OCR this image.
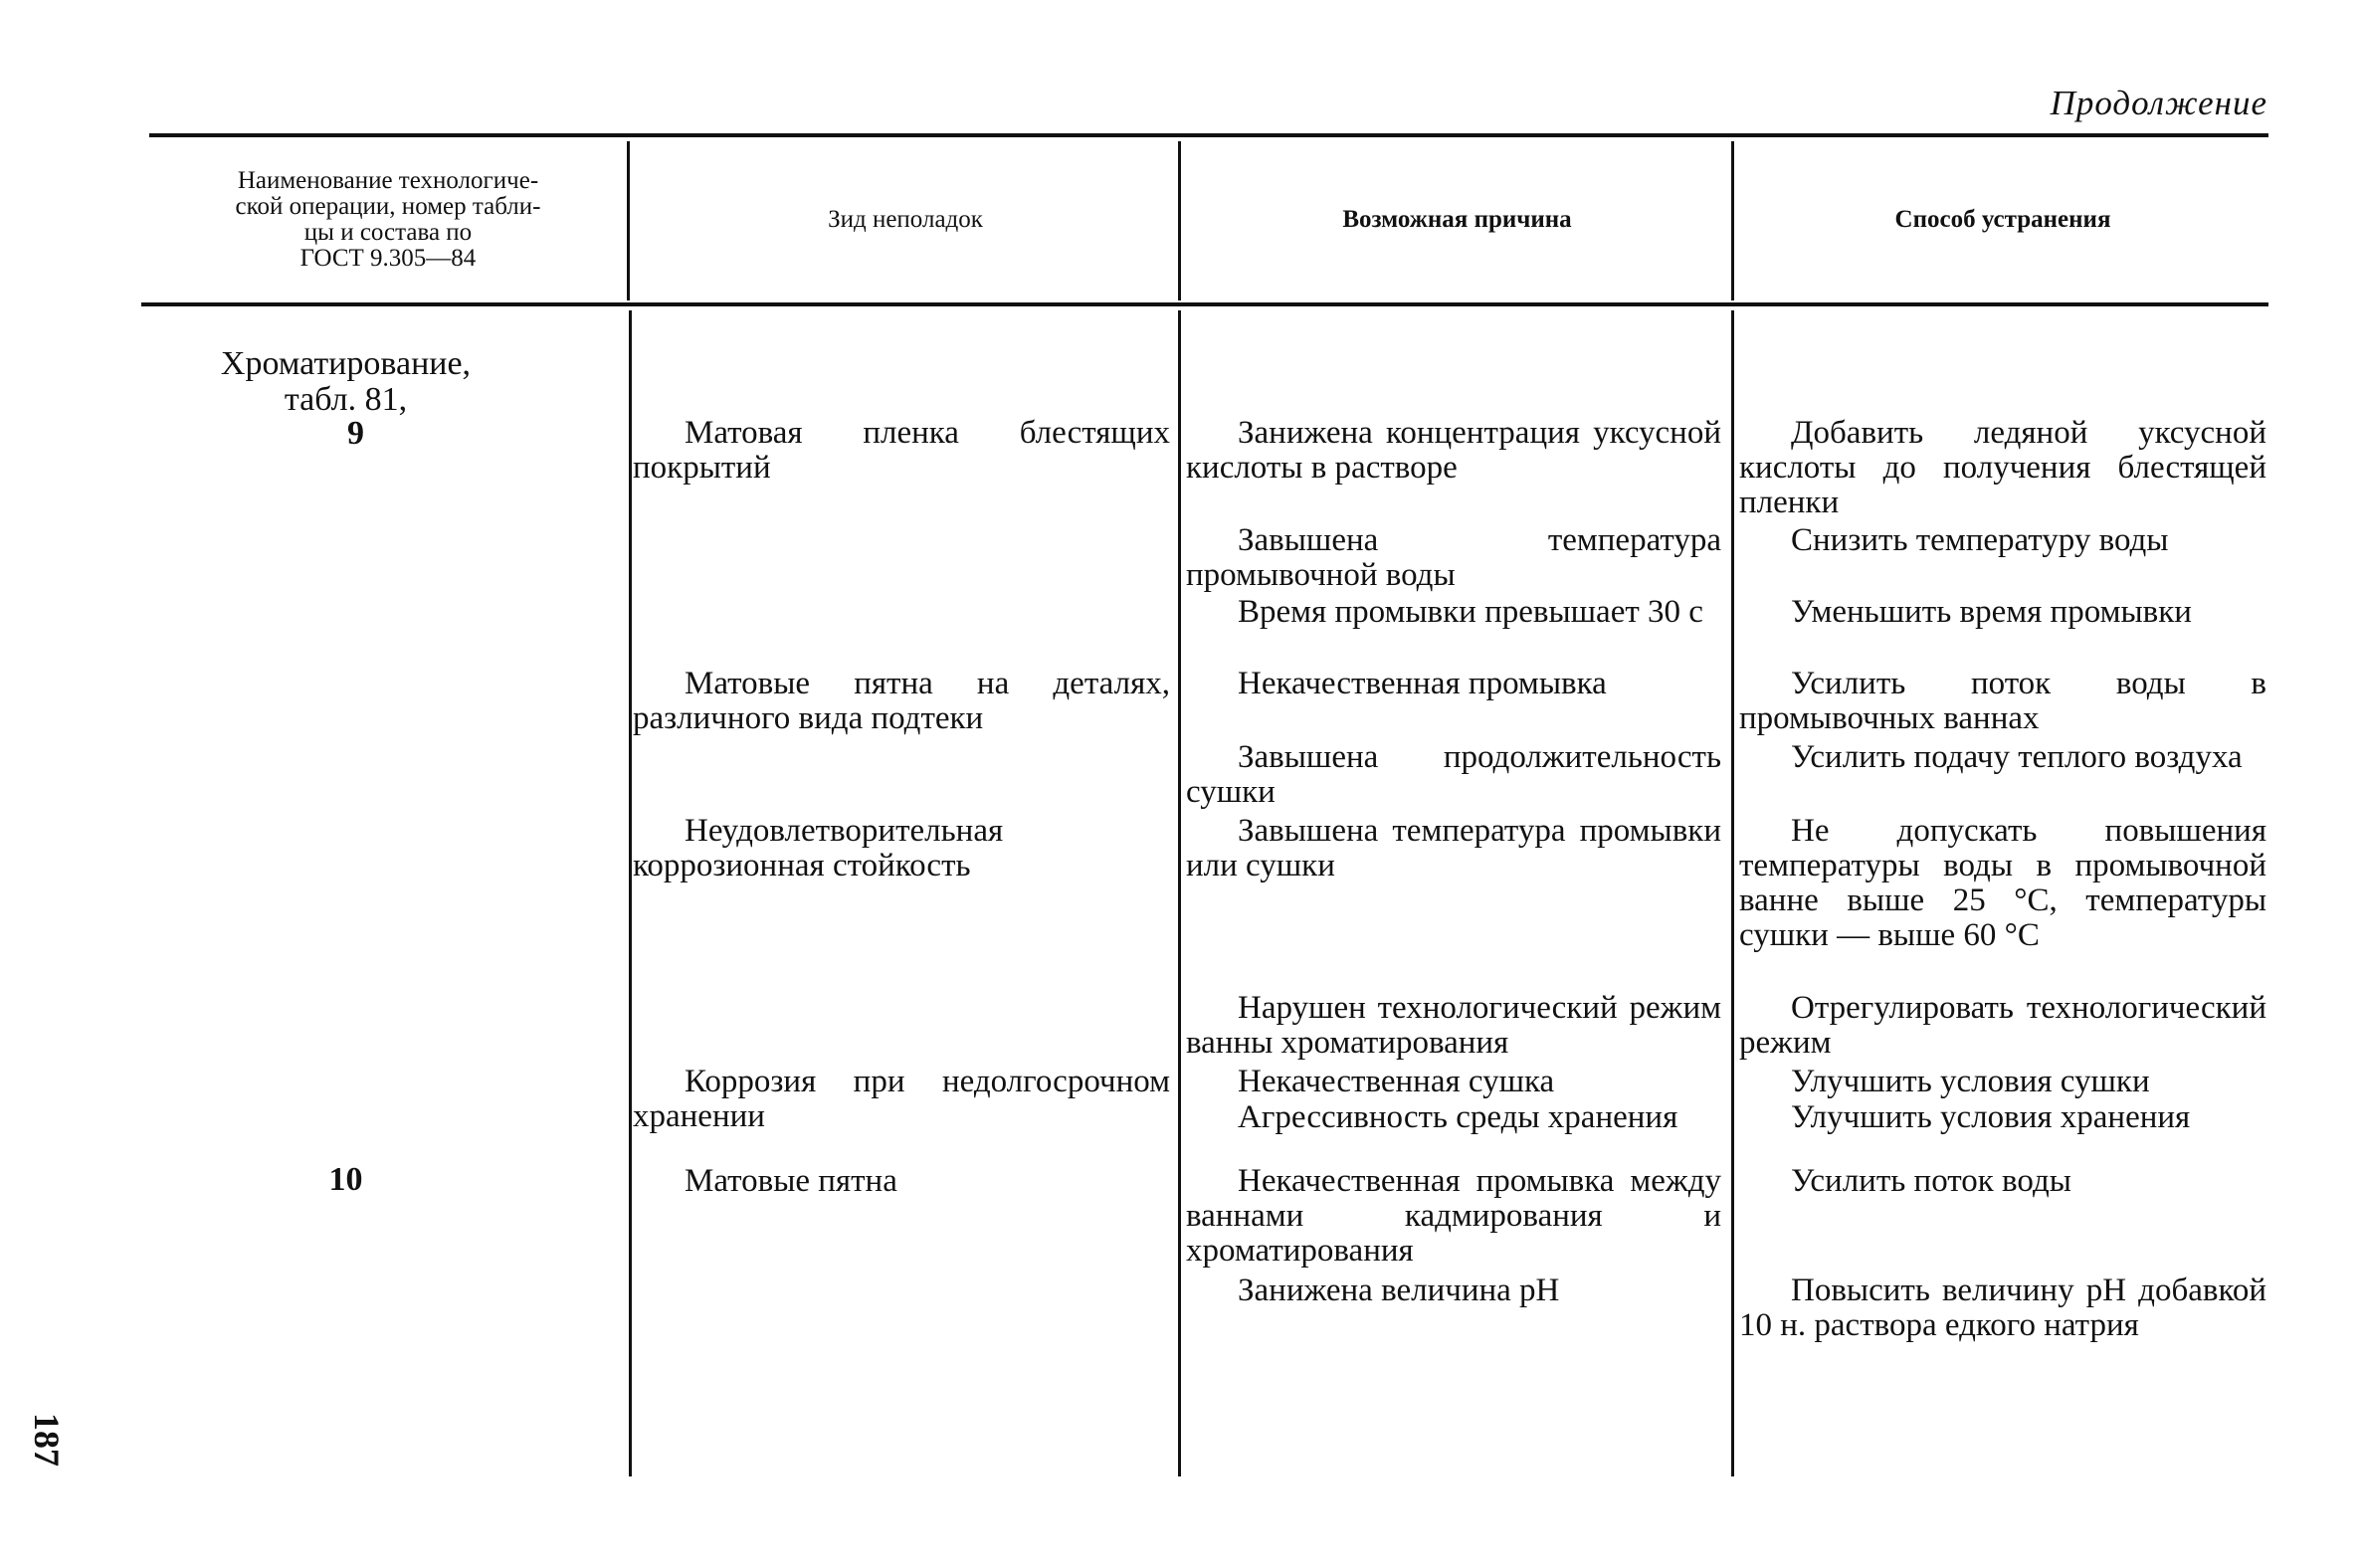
Продолжение
Наименование технологиче-
ской операции, номер табли-
цы и состава по
ГОСТ 9.305—84
Зид неполадок	Возможная причина	Способ устранения
Хроматирование,
табл. 81,
9
10
Матовая пленка блестящих покрытий
Матовые пятна на деталях, различного вида подтеки
Неудовлетворительная коррозионная стойкость
Коррозия при недолгосрочном хранении
Матовые пятна
Занижена концентрация уксусной кислоты в растворе
Завышена температура промывочной воды
Время промывки превышает 30 с
Некачественная промывка
Завышена продолжительность сушки
Завышена температура промывки или сушки
Нарушен технологический режим ванны хроматирования
Некачественная сушка
Агрессивность среды хранения
Некачественная промывка между ваннами кадмирования и хроматирования
Занижена величина pH
Добавить ледяной уксусной кислоты до получения блестящей пленки
Снизить температуру воды
Уменьшить время промывки
Усилить поток воды в промывочных ваннах
Усилить подачу теплого воздуха
Не допускать повышения температуры воды в промывочной ванне выше 25 °C, температуры сушки — выше 60 °C
Отрегулировать технологический режим
Улучшить условия сушки
Улучшить условия хранения
Усилить поток воды
Повысить величину pH добавкой 10 н. раствора едкого натрия
187
